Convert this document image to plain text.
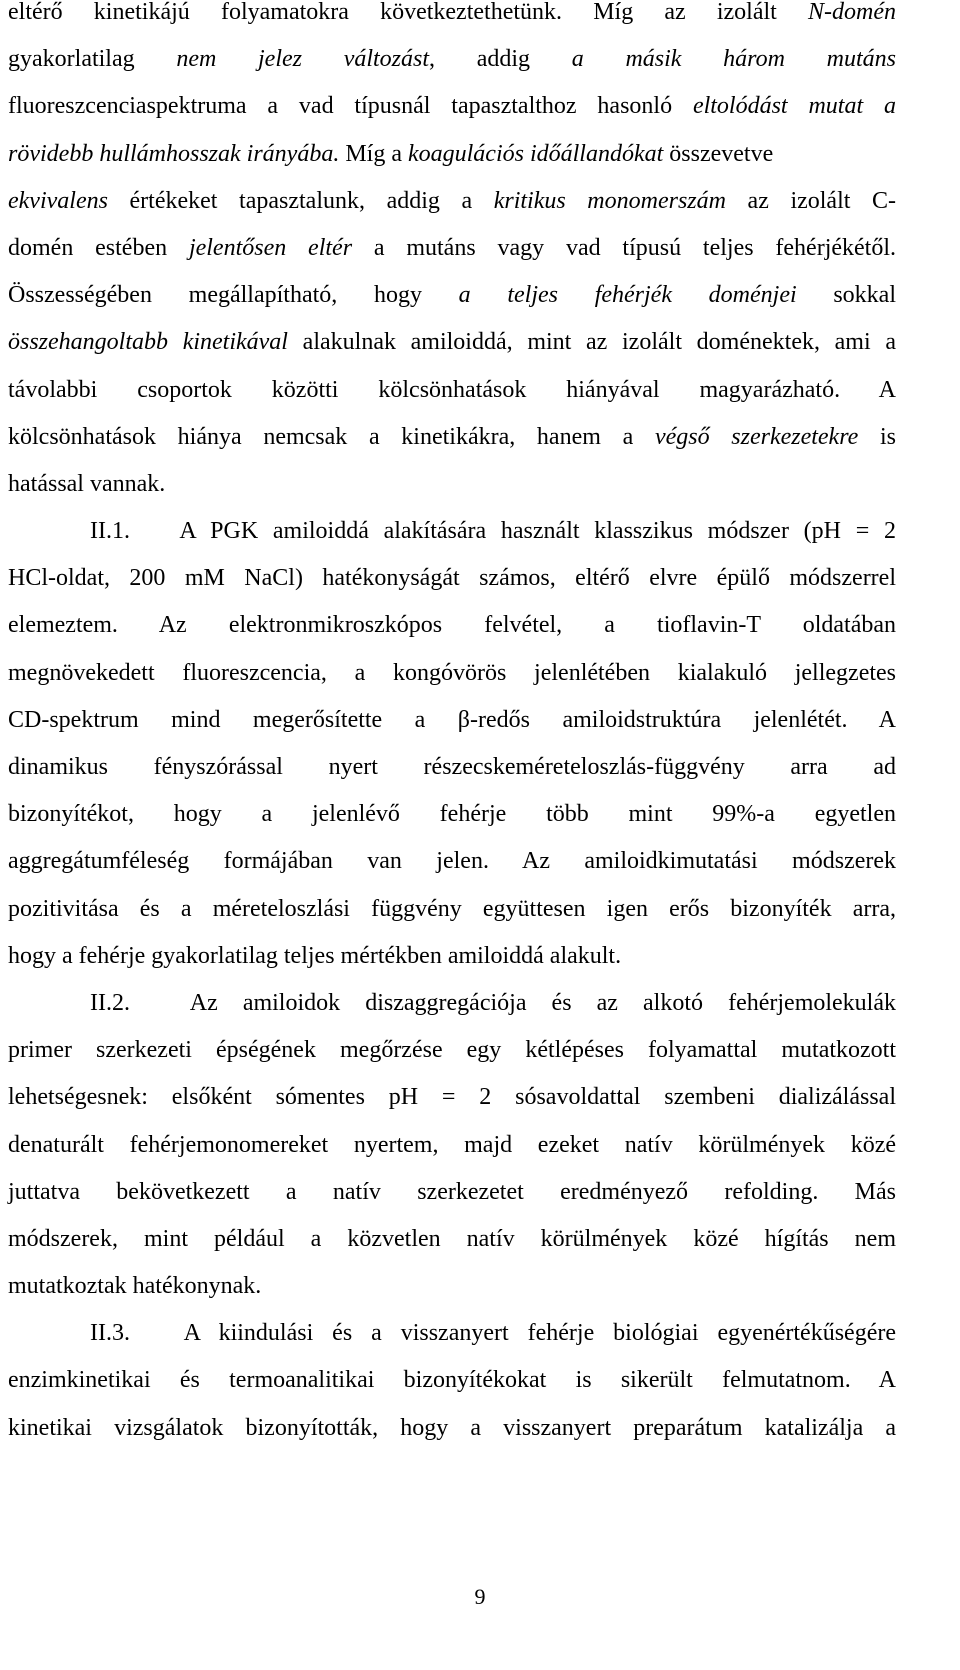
eltérő kinetikájú folyamatokra következtethetünk. Míg az izolált N-domén
gyakorlatilag nem jelez változást, addig a másik három mutáns
fluoreszcenciaspektruma a vad típusnál tapasztalthoz hasonló eltolódást mutat a
rövidebb hullámhosszak irányába. Míg a koagulációs időállandókat összevetve
ekvivalens értékeket tapasztalunk, addig a kritikus monomerszám az izolált C-
domén estében jelentősen eltér a mutáns vagy vad típusú teljes fehérjékétől.
Összességében megállapítható, hogy a teljes fehérjék doménjei sokkal
összehangoltabb kinetikával alakulnak amiloiddá, mint az izolált doménektek, ami a
távolabbi csoportok közötti kölcsönhatások hiányával magyarázható. A
kölcsönhatások hiánya nemcsak a kinetikákra, hanem a végső szerkezetekre is
hatással vannak.
II.1. A PGK amiloiddá alakítására használt klasszikus módszer (pH = 2
HCl-oldat, 200 mM NaCl) hatékonyságát számos, eltérő elvre épülő módszerrel
elemeztem. Az elektronmikroszkópos felvétel, a tioflavin-T oldatában
megnövekedett fluoreszcencia, a kongóvörös jelenlétében kialakuló jellegzetes
CD-spektrum mind megerősítette a β-redős amiloidstruktúra jelenlétét. A
dinamikus fényszórással nyert részecskeméreteloszlás-függvény arra ad
bizonyítékot, hogy a jelenlévő fehérje több mint 99%-a egyetlen
aggregátumféleség formájában van jelen. Az amiloidkimutatási módszerek
pozitivitása és a méreteloszlási függvény együttesen igen erős bizonyíték arra,
hogy a fehérje gyakorlatilag teljes mértékben amiloiddá alakult.
II.2. Az amiloidok diszaggregációja és az alkotó fehérjemolekulák
primer szerkezeti épségének megőrzése egy kétlépéses folyamattal mutatkozott
lehetségesnek: elsőként sómentes pH = 2 sósavoldattal szembeni dializálással
denaturált fehérjemonomereket nyertem, majd ezeket natív körülmények közé
juttatva bekövetkezett a natív szerkezetet eredményező refolding. Más
módszerek, mint például a közvetlen natív körülmények közé hígítás nem
mutatkoztak hatékonynak.
II.3. A kiindulási és a visszanyert fehérje biológiai egyenértékűségére
enzimkinetikai és termoanalitikai bizonyítékokat is sikerült felmutatnom. A
kinetikai vizsgálatok bizonyították, hogy a visszanyert preparátum katalizálja a
9
